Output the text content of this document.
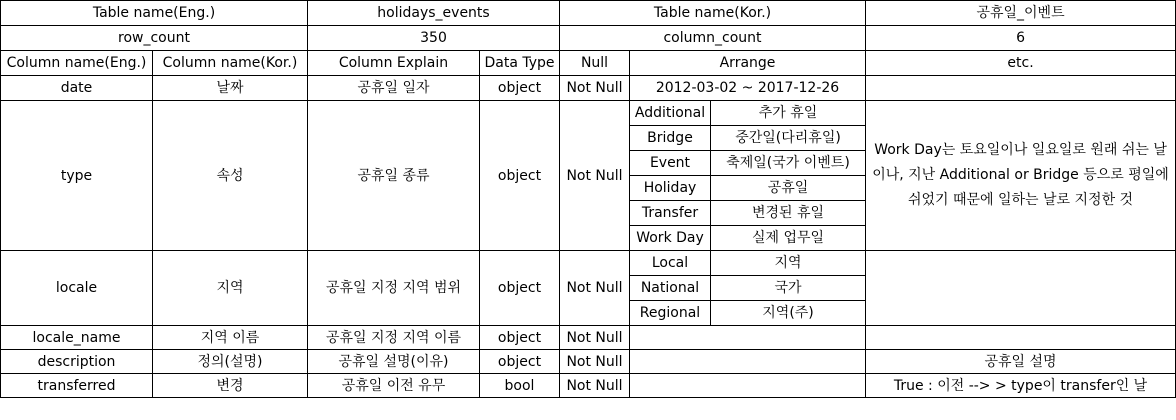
Table name(Eng.)		holidays_events		Table name(Kor.)			공휴일_이벤트
row_count		350		column_count			6
Column name(Eng.)	Column name(Kor.)	Column Explain	Data Type	Null	Arrange		etc.
date	날짜	공휴일 일자	object	Not Null	2012-03-02 ~ 2017-12-26		
type	속성	공휴일 종류	object	Not Null	Additional	추가 휴일	Work Day는 토요일이나 일요일로 원래 쉬는 날이나, 지난 Additional or Bridge 등으로 평일에 쉬었기 때문에 일하는 날로 지정한 것
					Bridge	중간일(다리휴일)	
					Event	축제일(국가 이벤트)	
					Holiday	공휴일	
					Transfer	변경된 휴일	
					Work Day	실제 업무일	
locale	지역	공휴일 지정 지역 범위	object	Not Null	Local	지역	
					National	국가	
					Regional	지역(주)	
locale_name	지역 이름	공휴일 지정 지역 이름	object	Not Null			
description	정의(설명)	공휴일 설명(이유)	object	Not Null			공휴일 설명
transferred	변경	공휴일 이전 유무	bool	Not Null			True : 이전 --> > type이 transfer인 날
